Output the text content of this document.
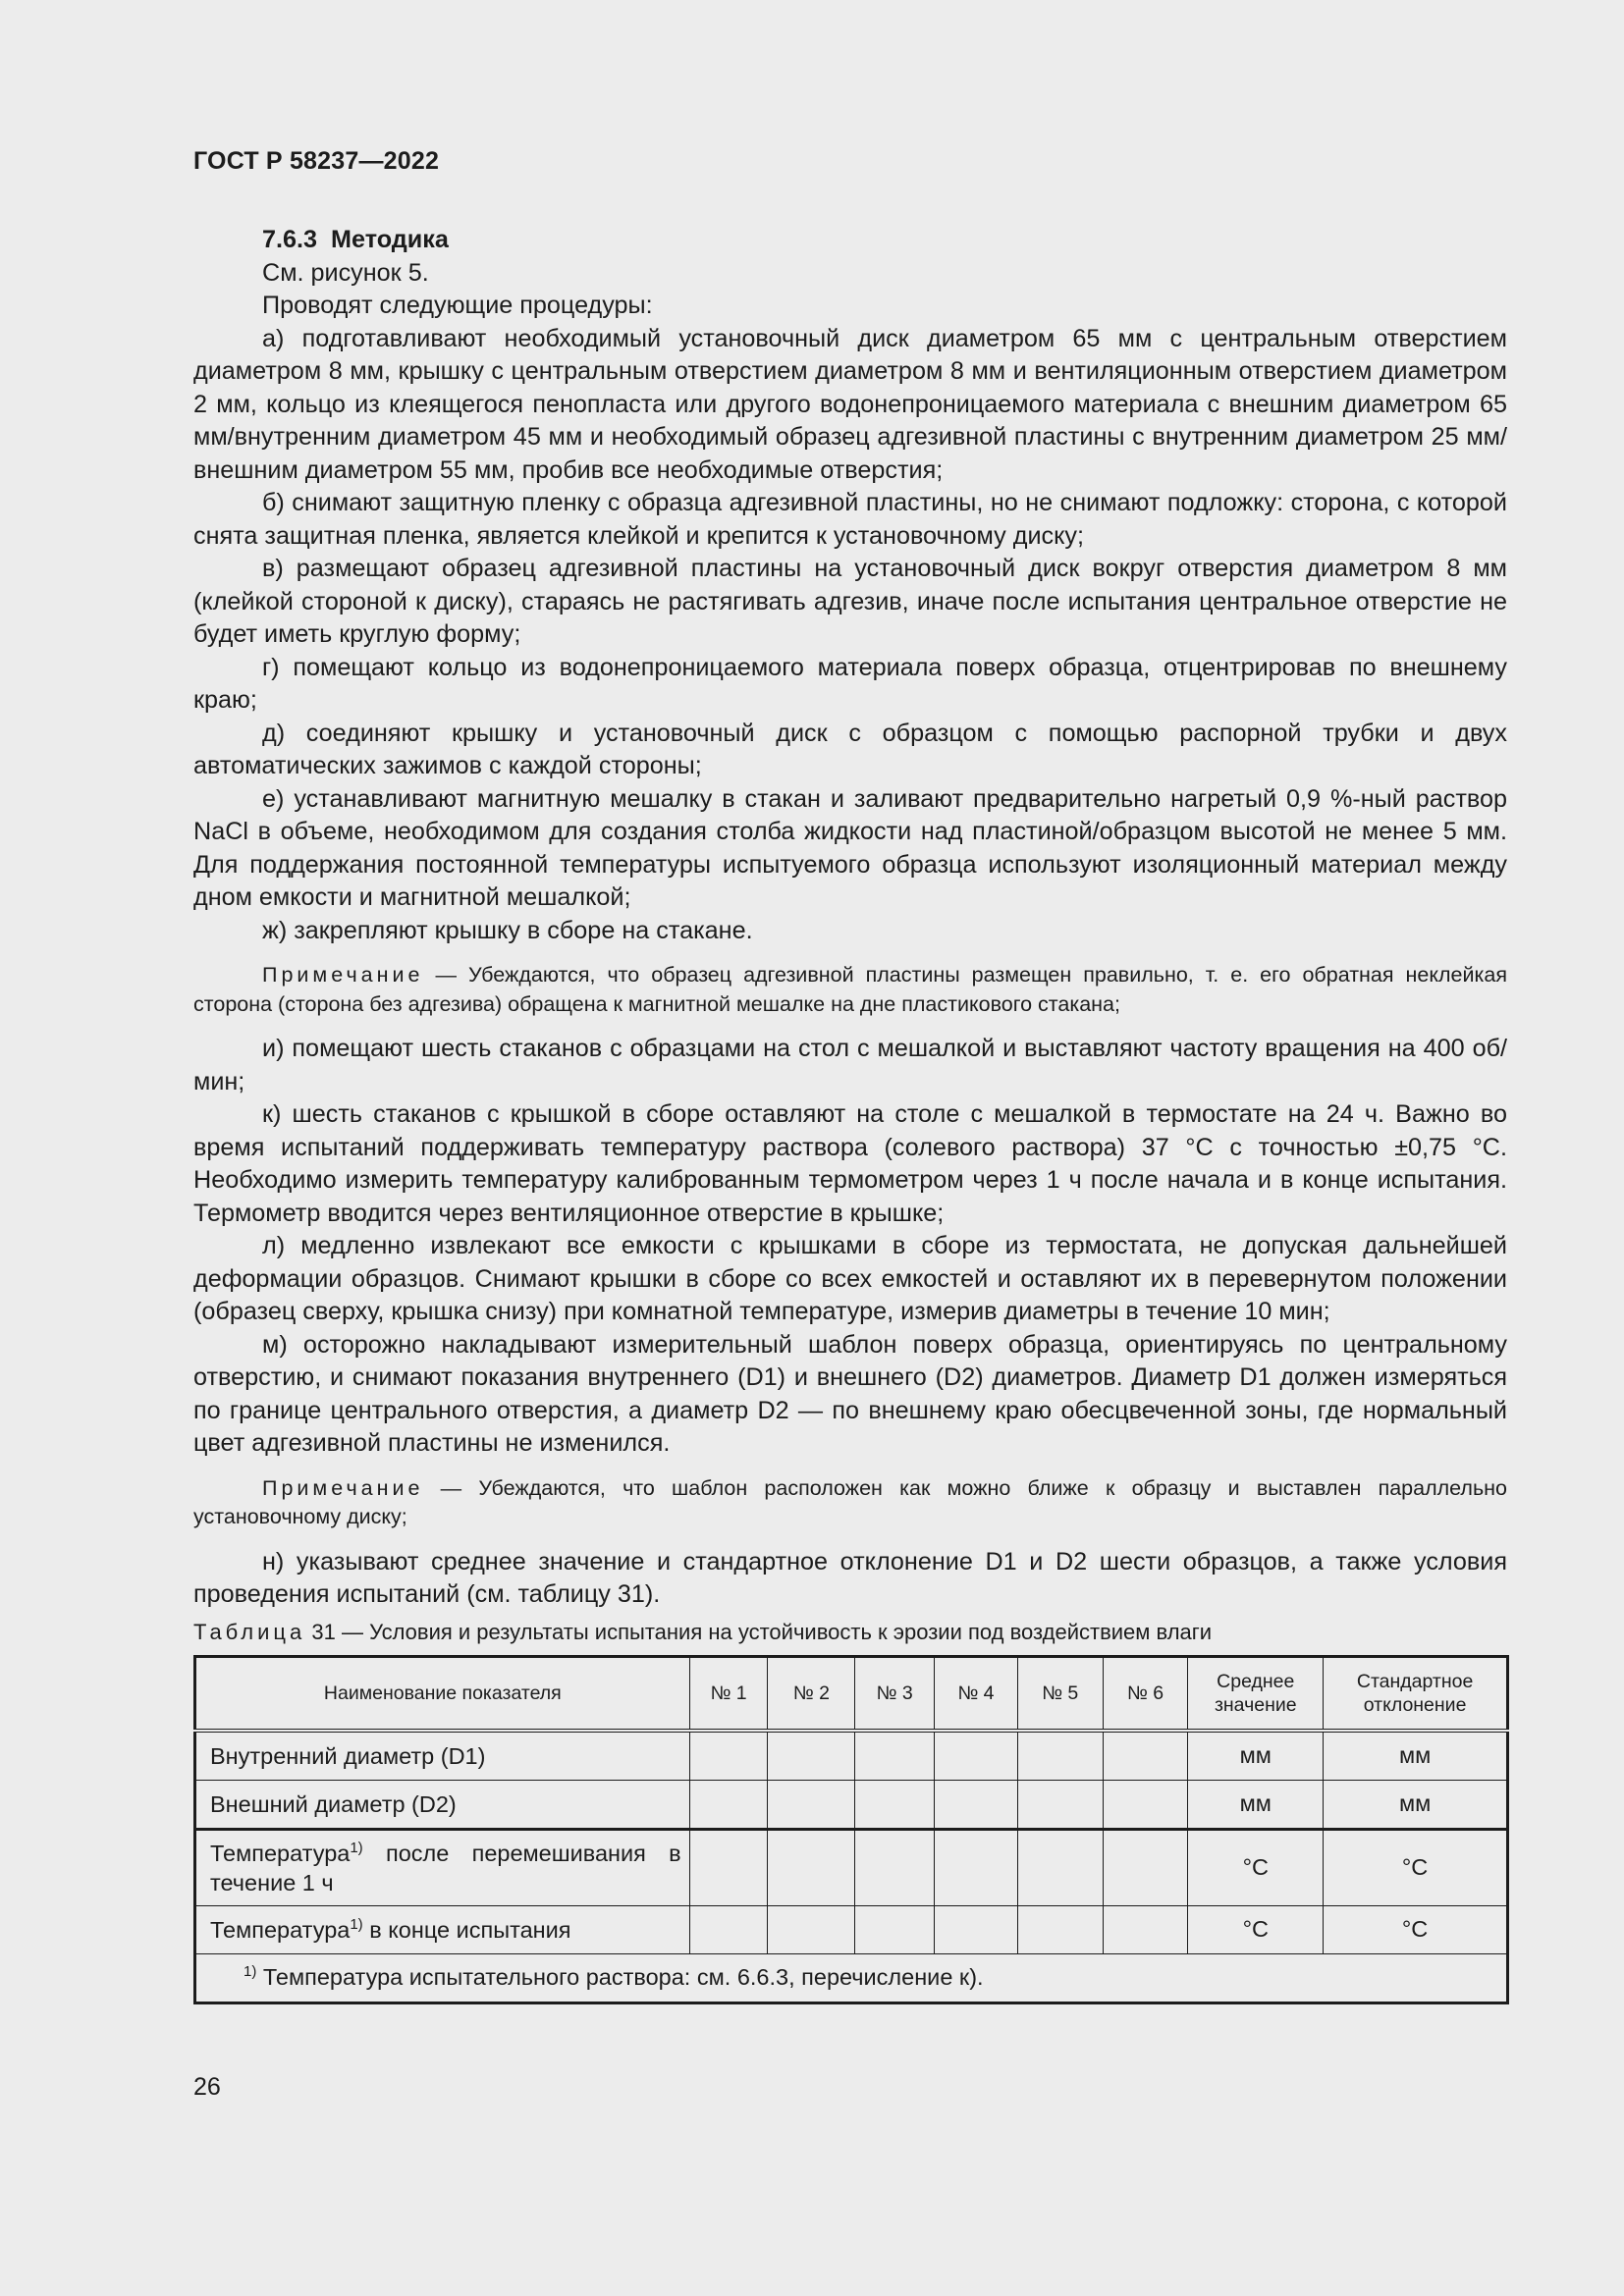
ГОСТ Р 58237—2022

7.6.3 Методика

См. рисунок 5.

Проводят следующие процедуры:

а) подготавливают необходимый установочный диск диаметром 65 мм с центральным отверстием диаметром 8 мм, крышку с центральным отверстием диаметром 8 мм и вентиляционным отверстием диаметром 2 мм, кольцо из клеящегося пенопласта или другого водонепроницаемого материала с внешним диаметром 65 мм/внутренним диаметром 45 мм и необходимый образец адгезивной пластины с внутренним диаметром 25 мм/внешним диаметром 55 мм, пробив все необходимые отверстия;

б) снимают защитную пленку с образца адгезивной пластины, но не снимают подложку: сторона, с которой снята защитная пленка, является клейкой и крепится к установочному диску;

в) размещают образец адгезивной пластины на установочный диск вокруг отверстия диаметром 8 мм (клейкой стороной к диску), стараясь не растягивать адгезив, иначе после испытания центральное отверстие не будет иметь круглую форму;

г) помещают кольцо из водонепроницаемого материала поверх образца, отцентрировав по внешнему краю;

д) соединяют крышку и установочный диск с образцом с помощью распорной трубки и двух автоматических зажимов с каждой стороны;

е) устанавливают магнитную мешалку в стакан и заливают предварительно нагретый 0,9 %-ный раствор NaCl в объеме, необходимом для создания столба жидкости над пластиной/образцом высотой не менее 5 мм. Для поддержания постоянной температуры испытуемого образца используют изоляционный материал между дном емкости и магнитной мешалкой;

ж) закрепляют крышку в сборе на стакане.

Примечание — Убеждаются, что образец адгезивной пластины размещен правильно, т. е. его обратная неклейкая сторона (сторона без адгезива) обращена к магнитной мешалке на дне пластикового стакана;

и) помещают шесть стаканов с образцами на стол с мешалкой и выставляют частоту вращения на 400 об/мин;

к) шесть стаканов с крышкой в сборе оставляют на столе с мешалкой в термостате на 24 ч. Важно во время испытаний поддерживать температуру раствора (солевого раствора) 37 °C с точностью ±0,75 °C. Необходимо измерить температуру калиброванным термометром через 1 ч после начала и в конце испытания. Термометр вводится через вентиляционное отверстие в крышке;

л) медленно извлекают все емкости с крышками в сборе из термостата, не допуская дальнейшей деформации образцов. Снимают крышки в сборе со всех емкостей и оставляют их в перевернутом положении (образец сверху, крышка снизу) при комнатной температуре, измерив диаметры в течение 10 мин;

м) осторожно накладывают измерительный шаблон поверх образца, ориентируясь по центральному отверстию, и снимают показания внутреннего (D1) и внешнего (D2) диаметров. Диаметр D1 должен измеряться по границе центрального отверстия, а диаметр D2 — по внешнему краю обесцвеченной зоны, где нормальный цвет адгезивной пластины не изменился.

Примечание — Убеждаются, что шаблон расположен как можно ближе к образцу и выставлен параллельно установочному диску;

н) указывают среднее значение и стандартное отклонение D1 и D2 шести образцов, а также условия проведения испытаний (см. таблицу 31).

Таблица 31 — Условия и результаты испытания на устойчивость к эрозии под воздействием влаги
Наименование показателя	№ 1	№ 2	№ 3	№ 4	№ 5	№ 6	Среднее значение	Стандартное отклонение
Внутренний диаметр (D1)							мм	мм
Внешний диаметр (D2)							мм	мм
Температура$^{1)}$ после перемешивания в течение 1 ч							°C	°C
Температура$^{1)}$ в конце испытания							°C	°C
$^{1)}$ Температура испытательного раствора: см. 6.6.3, перечисление к).								
26
